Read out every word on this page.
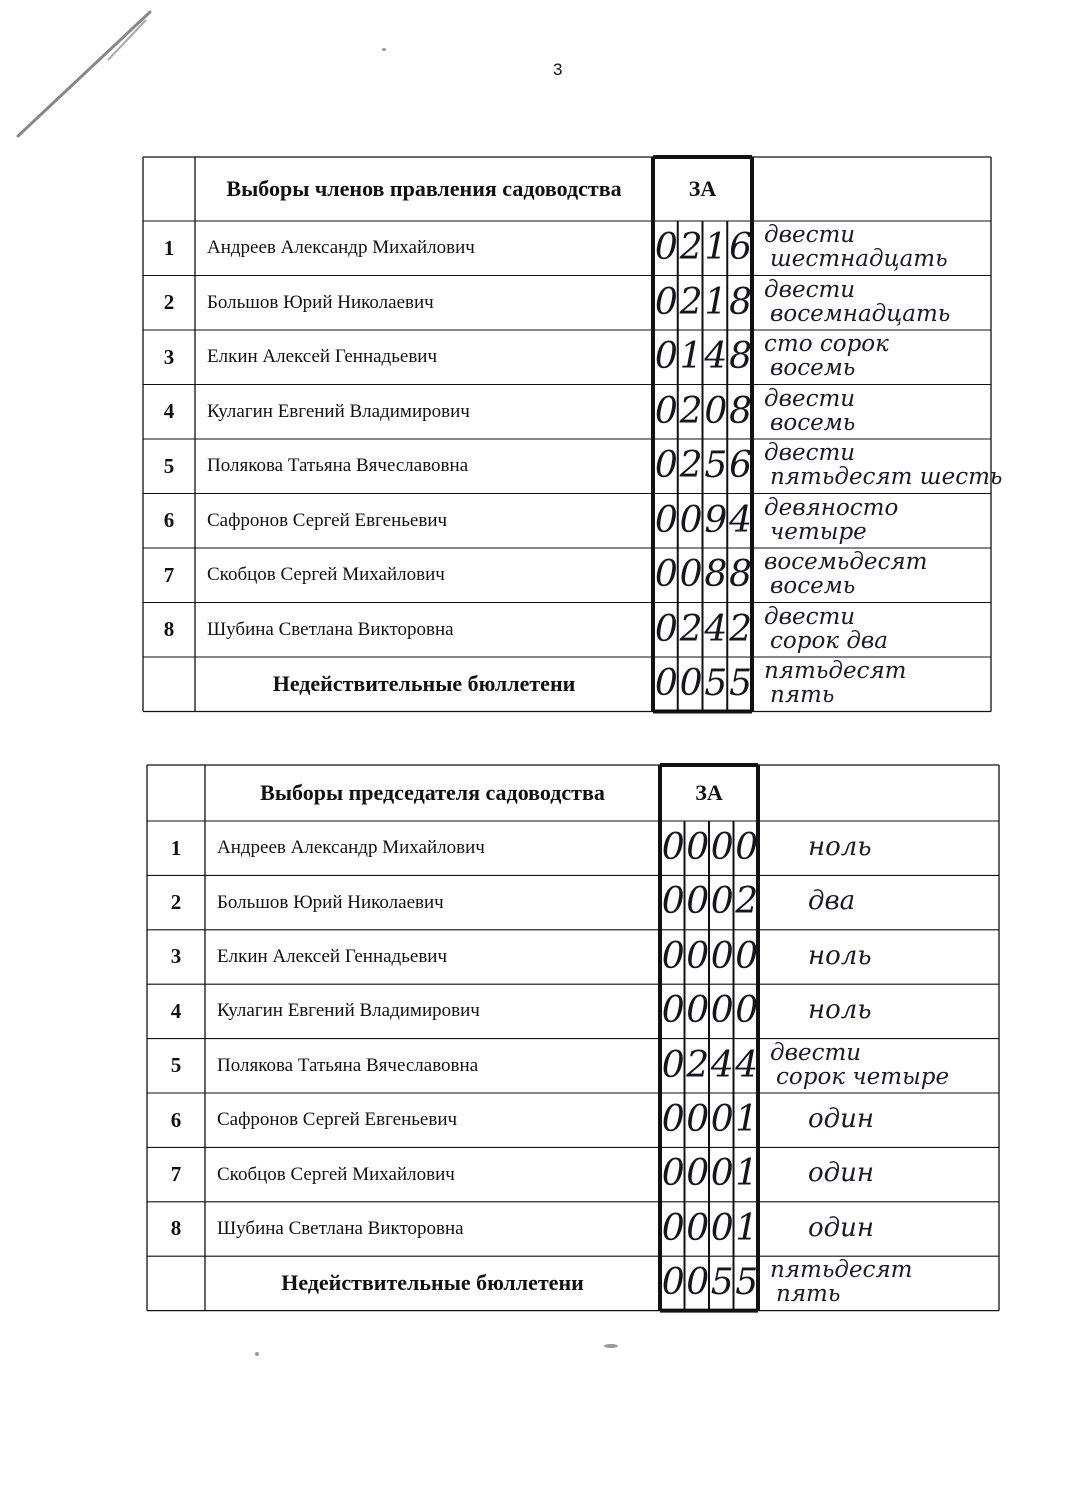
3
Выборы членов правления садоводства	ЗА
1	Андреев Александр Михайлович	0 2 1 6 двести
шестнадцать
2	Большов Юрий Николаевич	0 2 1 8 двести
восемнадцать
3	Елкин Алексей Геннадьевич	0 1 4 8 сто сорок
восемь
4	Кулагин Евгений Владимирович	0 2 0 8 двести
восемь
5	Полякова Татьяна Вячеславовна	0 2 5 6 двести
пятьдесят шесть
6	Сафронов Сергей Евгеньевич	0 0 9 4 девяносто
четыре
7	Скобцов Сергей Михайлович	0 0 8 8 восемьдесят
восемь
8	Шубина Светлана Викторовна	0 2 4 2 двести
сорок два
Недействительные бюллетени	0 0 5 5 пятьдесят
пять
Выборы председателя садоводства	ЗА
1	Андреев Александр Михайлович	0 0 0 0 ноль
2	Большов Юрий Николаевич	0 0 0 2 два
3	Елкин Алексей Геннадьевич	0 0 0 0 ноль
4	Кулагин Евгений Владимирович	0 0 0 0 ноль
5	Полякова Татьяна Вячеславовна	0 2 4 4 двести
сорок четыре
6	Сафронов Сергей Евгеньевич	0 0 0 1 один
7	Скобцов Сергей Михайлович	0 0 0 1 один
8	Шубина Светлана Викторовна	0 0 0 1 один
Недействительные бюллетени	0 0 5 5 пятьдесят
пять
